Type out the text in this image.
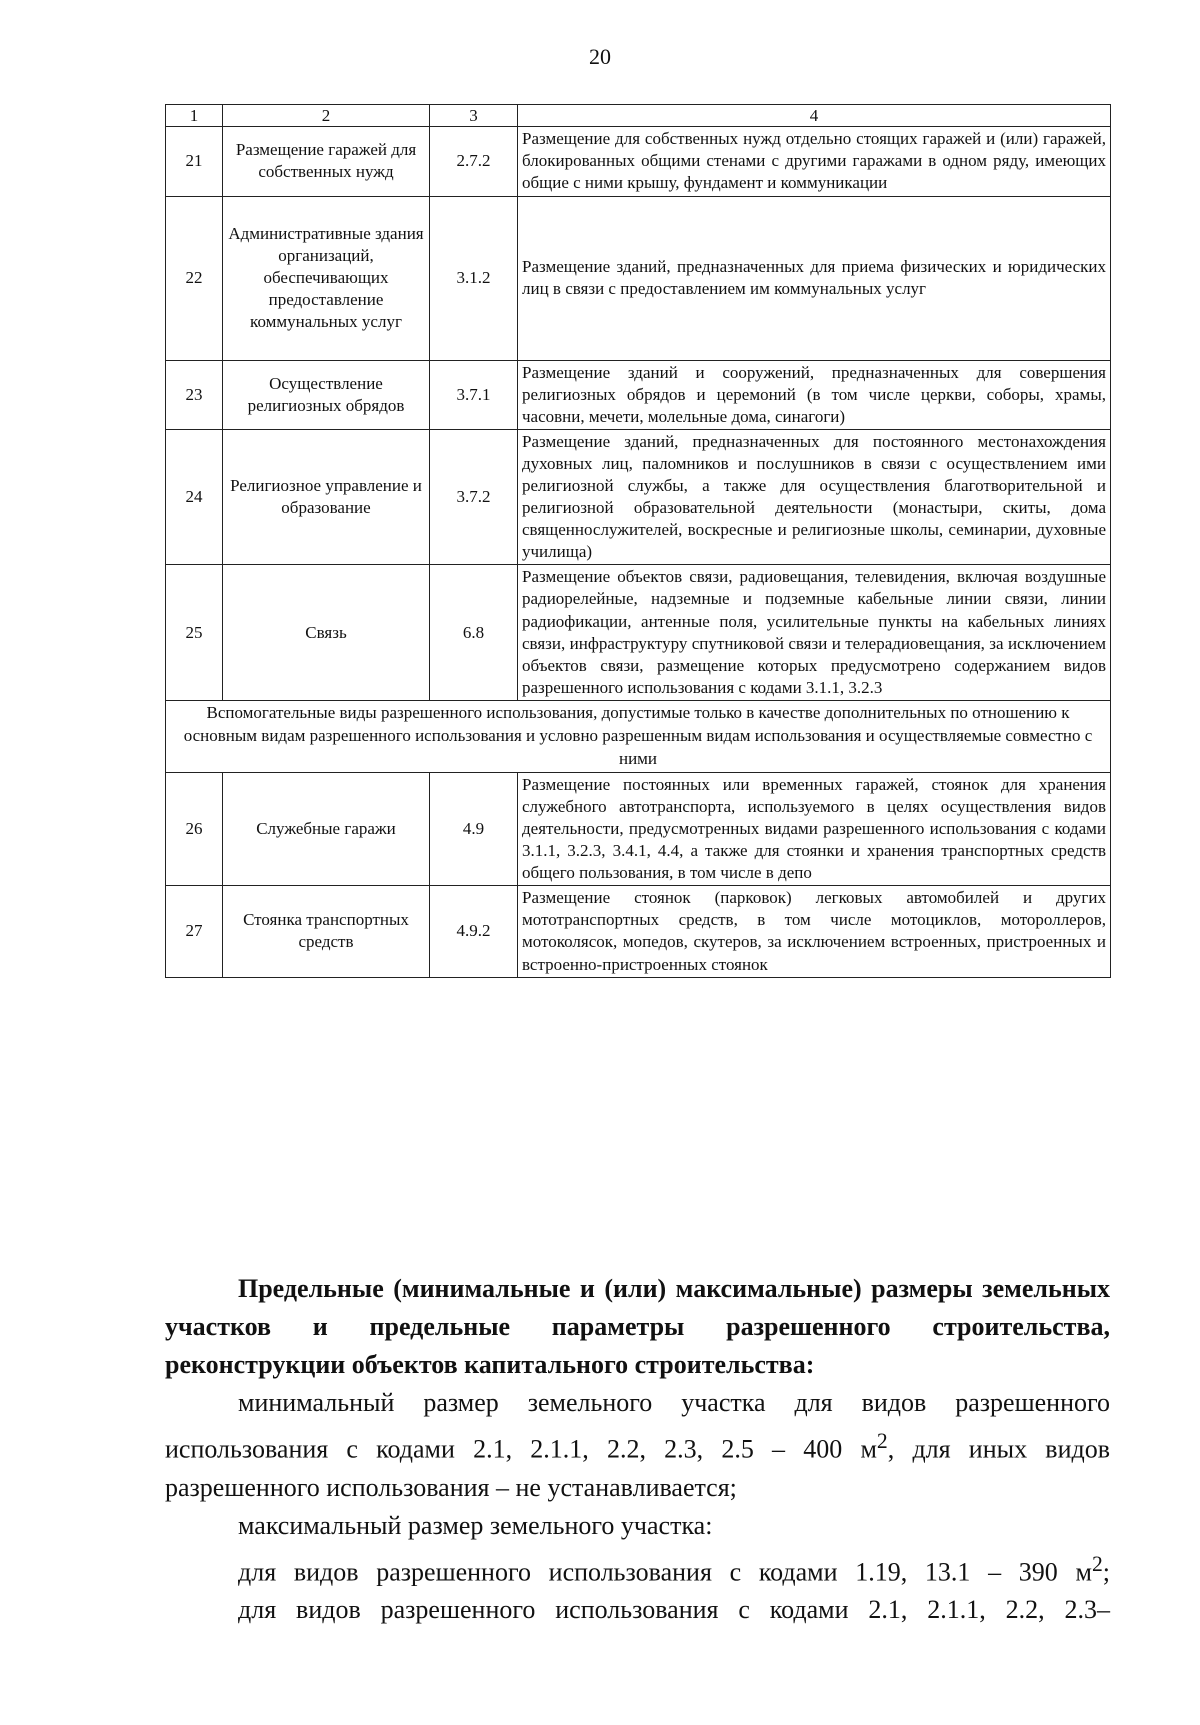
20
1	2	3	4
21	Размещение гаражей для собственных нужд	2.7.2	Размещение для собственных нужд отдельно стоящих гаражей и (или) гаражей, блокированных общими стенами с другими гаражами в одном ряду, имеющих общие с ними крышу, фундамент и коммуникации
22	Административные здания организаций, обеспечивающих предоставление коммунальных услуг	3.1.2	Размещение зданий, предназначенных для приема физических и юридических лиц в связи с предоставлением им коммунальных услуг
23	Осуществление религиозных обрядов	3.7.1	Размещение зданий и сооружений, предназначенных для совершения религиозных обрядов и церемоний (в том числе церкви, соборы, храмы, часовни, мечети, молельные дома, синагоги)
24	Религиозное управление и образование	3.7.2	Размещение зданий, предназначенных для постоянного местонахождения духовных лиц, паломников и послушников в связи с осуществлением ими религиозной службы, а также для осуществления благотворительной и религиозной образовательной деятельности (монастыри, скиты, дома священнослужителей, воскресные и религиозные школы, семинарии, духовные училища)
25	Связь	6.8	Размещение объектов связи, радиовещания, телевидения, включая воздушные радиорелейные, надземные и подземные кабельные линии связи, линии радиофикации, антенные поля, усилительные пункты на кабельных линиях связи, инфраструктуру спутниковой связи и телерадиовещания, за исключением объектов связи, размещение которых предусмотрено содержанием видов разрешенного использования с кодами 3.1.1, 3.2.3
Вспомогательные виды разрешенного использования, допустимые только в качестве дополнительных по отношению к основным видам разрешенного использования и условно разрешенным видам использования и осуществляемые совместно с ними			
26	Служебные гаражи	4.9	Размещение постоянных или временных гаражей, стоянок для хранения служебного автотранспорта, используемого в целях осуществления видов деятельности, предусмотренных видами разрешенного использования с кодами 3.1.1, 3.2.3, 3.4.1, 4.4, а также для стоянки и хранения транспортных средств общего пользования, в том числе в депо
27	Стоянка транспортных средств	4.9.2	Размещение стоянок (парковок) легковых автомобилей и других мототранспортных средств, в том числе мотоциклов, мотороллеров, мотоколясок, мопедов, скутеров, за исключением встроенных, пристроенных и встроенно-пристроенных стоянок

Предельные (минимальные и (или) максимальные) размеры земельных участков и предельные параметры разрешенного строительства, реконструкции объектов капитального строительства:

минимальный размер земельного участка для видов разрешенного использования с кодами 2.1, 2.1.1, 2.2, 2.3, 2.5 – 400 $м^2$, для иных видов разрешенного использования – не устанавливается;

максимальный размер земельного участка:

для видов разрешенного использования с кодами 1.19, 13.1 – 390 $м^2$;

для видов разрешенного использования с кодами 2.1, 2.1.1, 2.2, 2.3–
